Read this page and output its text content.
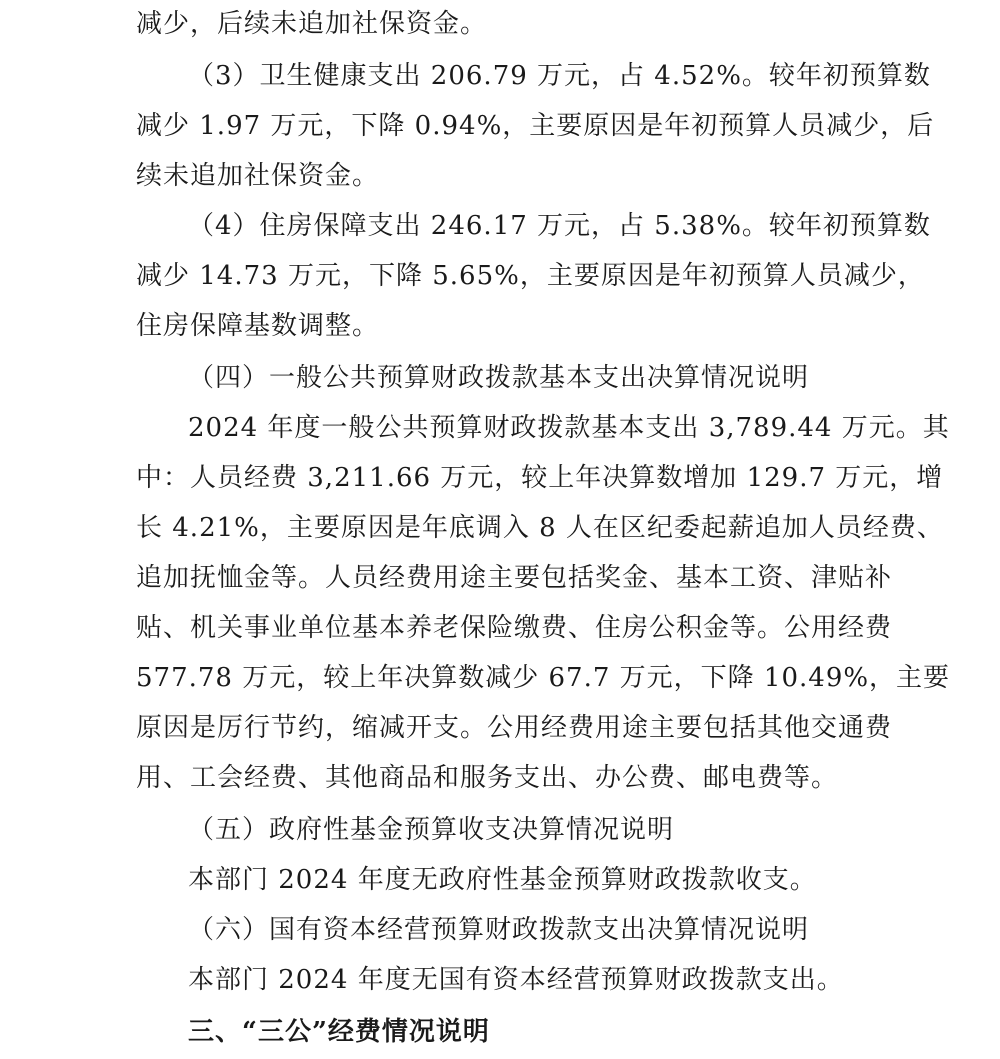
减少，后续未追加社保资金。
（3）卫生健康支出 206.79 万元，占 4.52%。较年初预算数
减少 1.97 万元，下降 0.94%，主要原因是年初预算人员减少，后
续未追加社保资金。
（4）住房保障支出 246.17 万元，占 5.38%。较年初预算数
减少 14.73 万元，下降 5.65%，主要原因是年初预算人员减少，
住房保障基数调整。
（四）一般公共预算财政拨款基本支出决算情况说明
2024 年度一般公共预算财政拨款基本支出 3,789.44 万元。其
中：人员经费 3,211.66 万元，较上年决算数增加 129.7 万元，增
长 4.21%，主要原因是年底调入 8 人在区纪委起薪追加人员经费、
追加抚恤金等。人员经费用途主要包括奖金、基本工资、津贴补
贴、机关事业单位基本养老保险缴费、住房公积金等。公用经费
577.78 万元，较上年决算数减少 67.7 万元，下降 10.49%，主要
原因是厉行节约，缩减开支。公用经费用途主要包括其他交通费
用、工会经费、其他商品和服务支出、办公费、邮电费等。
（五）政府性基金预算收支决算情况说明
本部门 2024 年度无政府性基金预算财政拨款收支。
（六）国有资本经营预算财政拨款支出决算情况说明
本部门 2024 年度无国有资本经营预算财政拨款支出。
三、“三公”经费情况说明
